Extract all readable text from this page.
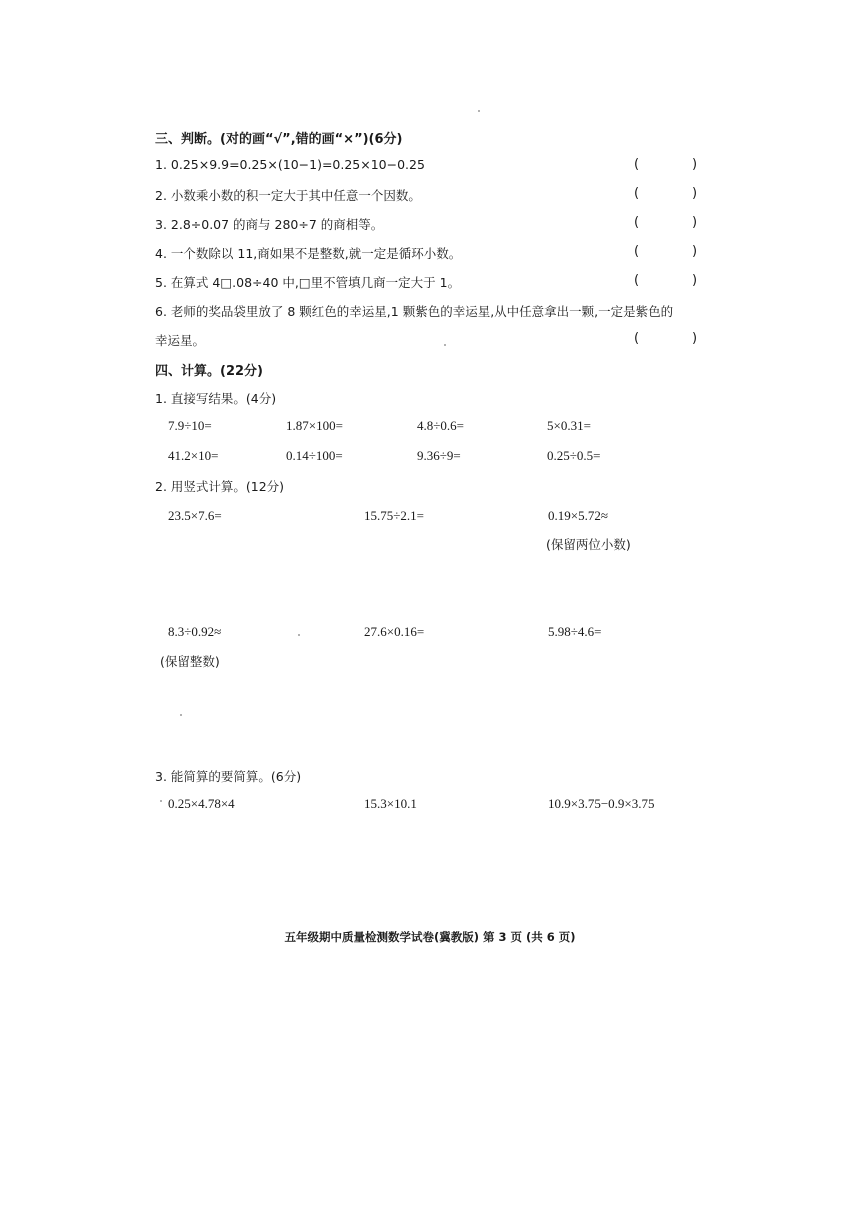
三、判断。(对的画“√”,错的画“×”)(6分)
1. 0.25×9.9=0.25×(10−1)=0.25×10−0.25	(	)
2. 小数乘小数的积一定大于其中任意一个因数。	(	)
3. 2.8÷0.07 的商与 280÷7 的商相等。	(	)
4. 一个数除以 11,商如果不是整数,就一定是循环小数。	(	)
5. 在算式 4□.08÷40 中,□里不管填几商一定大于 1。	(	)
6. 老师的奖品袋里放了 8 颗红色的幸运星,1 颗紫色的幸运星,从中任意拿出一颗,一定是紫色的
幸运星。	(	)
四、计算。(22分)
1. 直接写结果。(4分)
7.9÷10=	1.87×100=	4.8÷0.6=	5×0.31=
41.2×10=	0.14÷100=	9.36÷9=	0.25÷0.5=
2. 用竖式计算。(12分)
23.5×7.6=	15.75÷2.1=	0.19×5.72≈
(保留两位小数)
8.3÷0.92≈	27.6×0.16=	5.98÷4.6=
(保留整数)
3. 能简算的要简算。(6分)
0.25×4.78×4	15.3×10.1	10.9×3.75−0.9×3.75
五年级期中质量检测数学试卷(冀教版) 第 3 页 (共 6 页)
